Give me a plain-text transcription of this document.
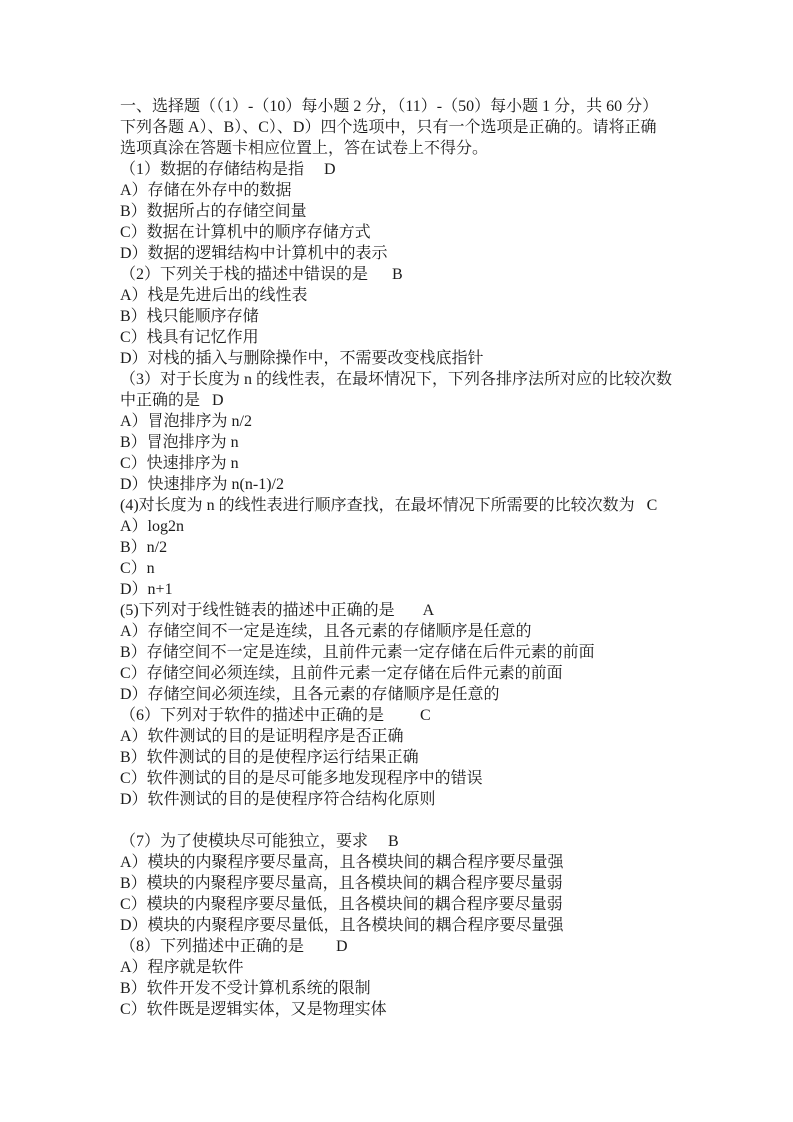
一、选择题（（1）-（10）每小题 2 分，（11）-（50）每小题 1 分，共 60 分）
下列各题 A）、B）、C）、D）四个选项中，只有一个选项是正确的。请将正确
选项真涂在答题卡相应位置上，答在试卷上不得分。
（1）数据的存储结构是指 D
A）存储在外存中的数据
B）数据所占的存储空间量
C）数据在计算机中的顺序存储方式
D）数据的逻辑结构中计算机中的表示
（2）下列关于栈的描述中错误的是 B
A）栈是先进后出的线性表
B）栈只能顺序存储
C）栈具有记忆作用
D）对栈的插入与删除操作中，不需要改变栈底指针
（3）对于长度为 n 的线性表，在最坏情况下，下列各排序法所对应的比较次数
中正确的是 D
A）冒泡排序为 n/2
B）冒泡排序为 n
C）快速排序为 n
D）快速排序为 n(n-1)/2
(4)对长度为 n 的线性表进行顺序查找，在最坏情况下所需要的比较次数为 C
A）log2n
B）n/2
C）n
D）n+1
(5)下列对于线性链表的描述中正确的是 A
A）存储空间不一定是连续，且各元素的存储顺序是任意的
B）存储空间不一定是连续，且前件元素一定存储在后件元素的前面
C）存储空间必须连续，且前件元素一定存储在后件元素的前面
D）存储空间必须连续，且各元素的存储顺序是任意的
（6）下列对于软件的描述中正确的是 C
A）软件测试的目的是证明程序是否正确
B）软件测试的目的是使程序运行结果正确
C）软件测试的目的是尽可能多地发现程序中的错误
D）软件测试的目的是使程序符合结构化原则
（7）为了使模块尽可能独立，要求 B
A）模块的内聚程序要尽量高，且各模块间的耦合程序要尽量强
B）模块的内聚程序要尽量高，且各模块间的耦合程序要尽量弱
C）模块的内聚程序要尽量低，且各模块间的耦合程序要尽量弱
D）模块的内聚程序要尽量低，且各模块间的耦合程序要尽量强
（8）下列描述中正确的是 D
A）程序就是软件
B）软件开发不受计算机系统的限制
C）软件既是逻辑实体，又是物理实体
